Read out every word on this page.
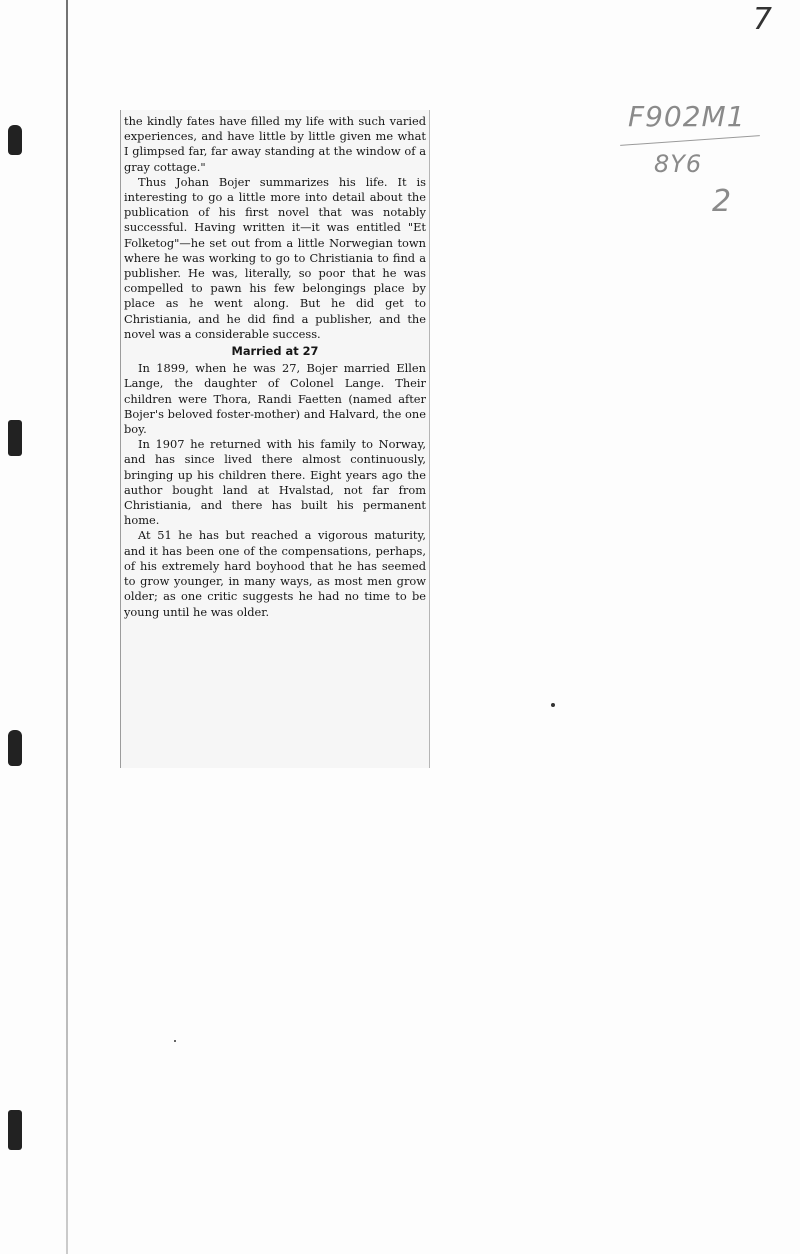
7
F902M1
8Y6
2

the kindly fates have filled my life with such varied experiences, and have little by little given me what I glimpsed far, far away standing at the window of a gray cottage."

Thus Johan Bojer summarizes his life. It is interesting to go a little more into detail about the publication of his first novel that was notably successful. Having written it—it was entitled "Et Folketog"—he set out from a little Norwegian town where he was working to go to Christiania to find a publisher. He was, literally, so poor that he was compelled to pawn his few belongings place by place as he went along. But he did get to Christiania, and he did find a publisher, and the novel was a considerable success.

Married at 27

In 1899, when he was 27, Bojer married Ellen Lange, the daughter of Colonel Lange. Their children were Thora, Randi Faetten (named after Bojer's beloved foster-mother) and Halvard, the one boy.

In 1907 he returned with his family to Norway, and has since lived there almost continuously, bringing up his children there. Eight years ago the author bought land at Hvalstad, not far from Christiania, and there has built his permanent home.

At 51 he has but reached a vigorous maturity, and it has been one of the compensations, perhaps, of his extremely hard boyhood that he has seemed to grow younger, in many ways, as most men grow older; as one critic suggests he had no time to be young until he was older.
